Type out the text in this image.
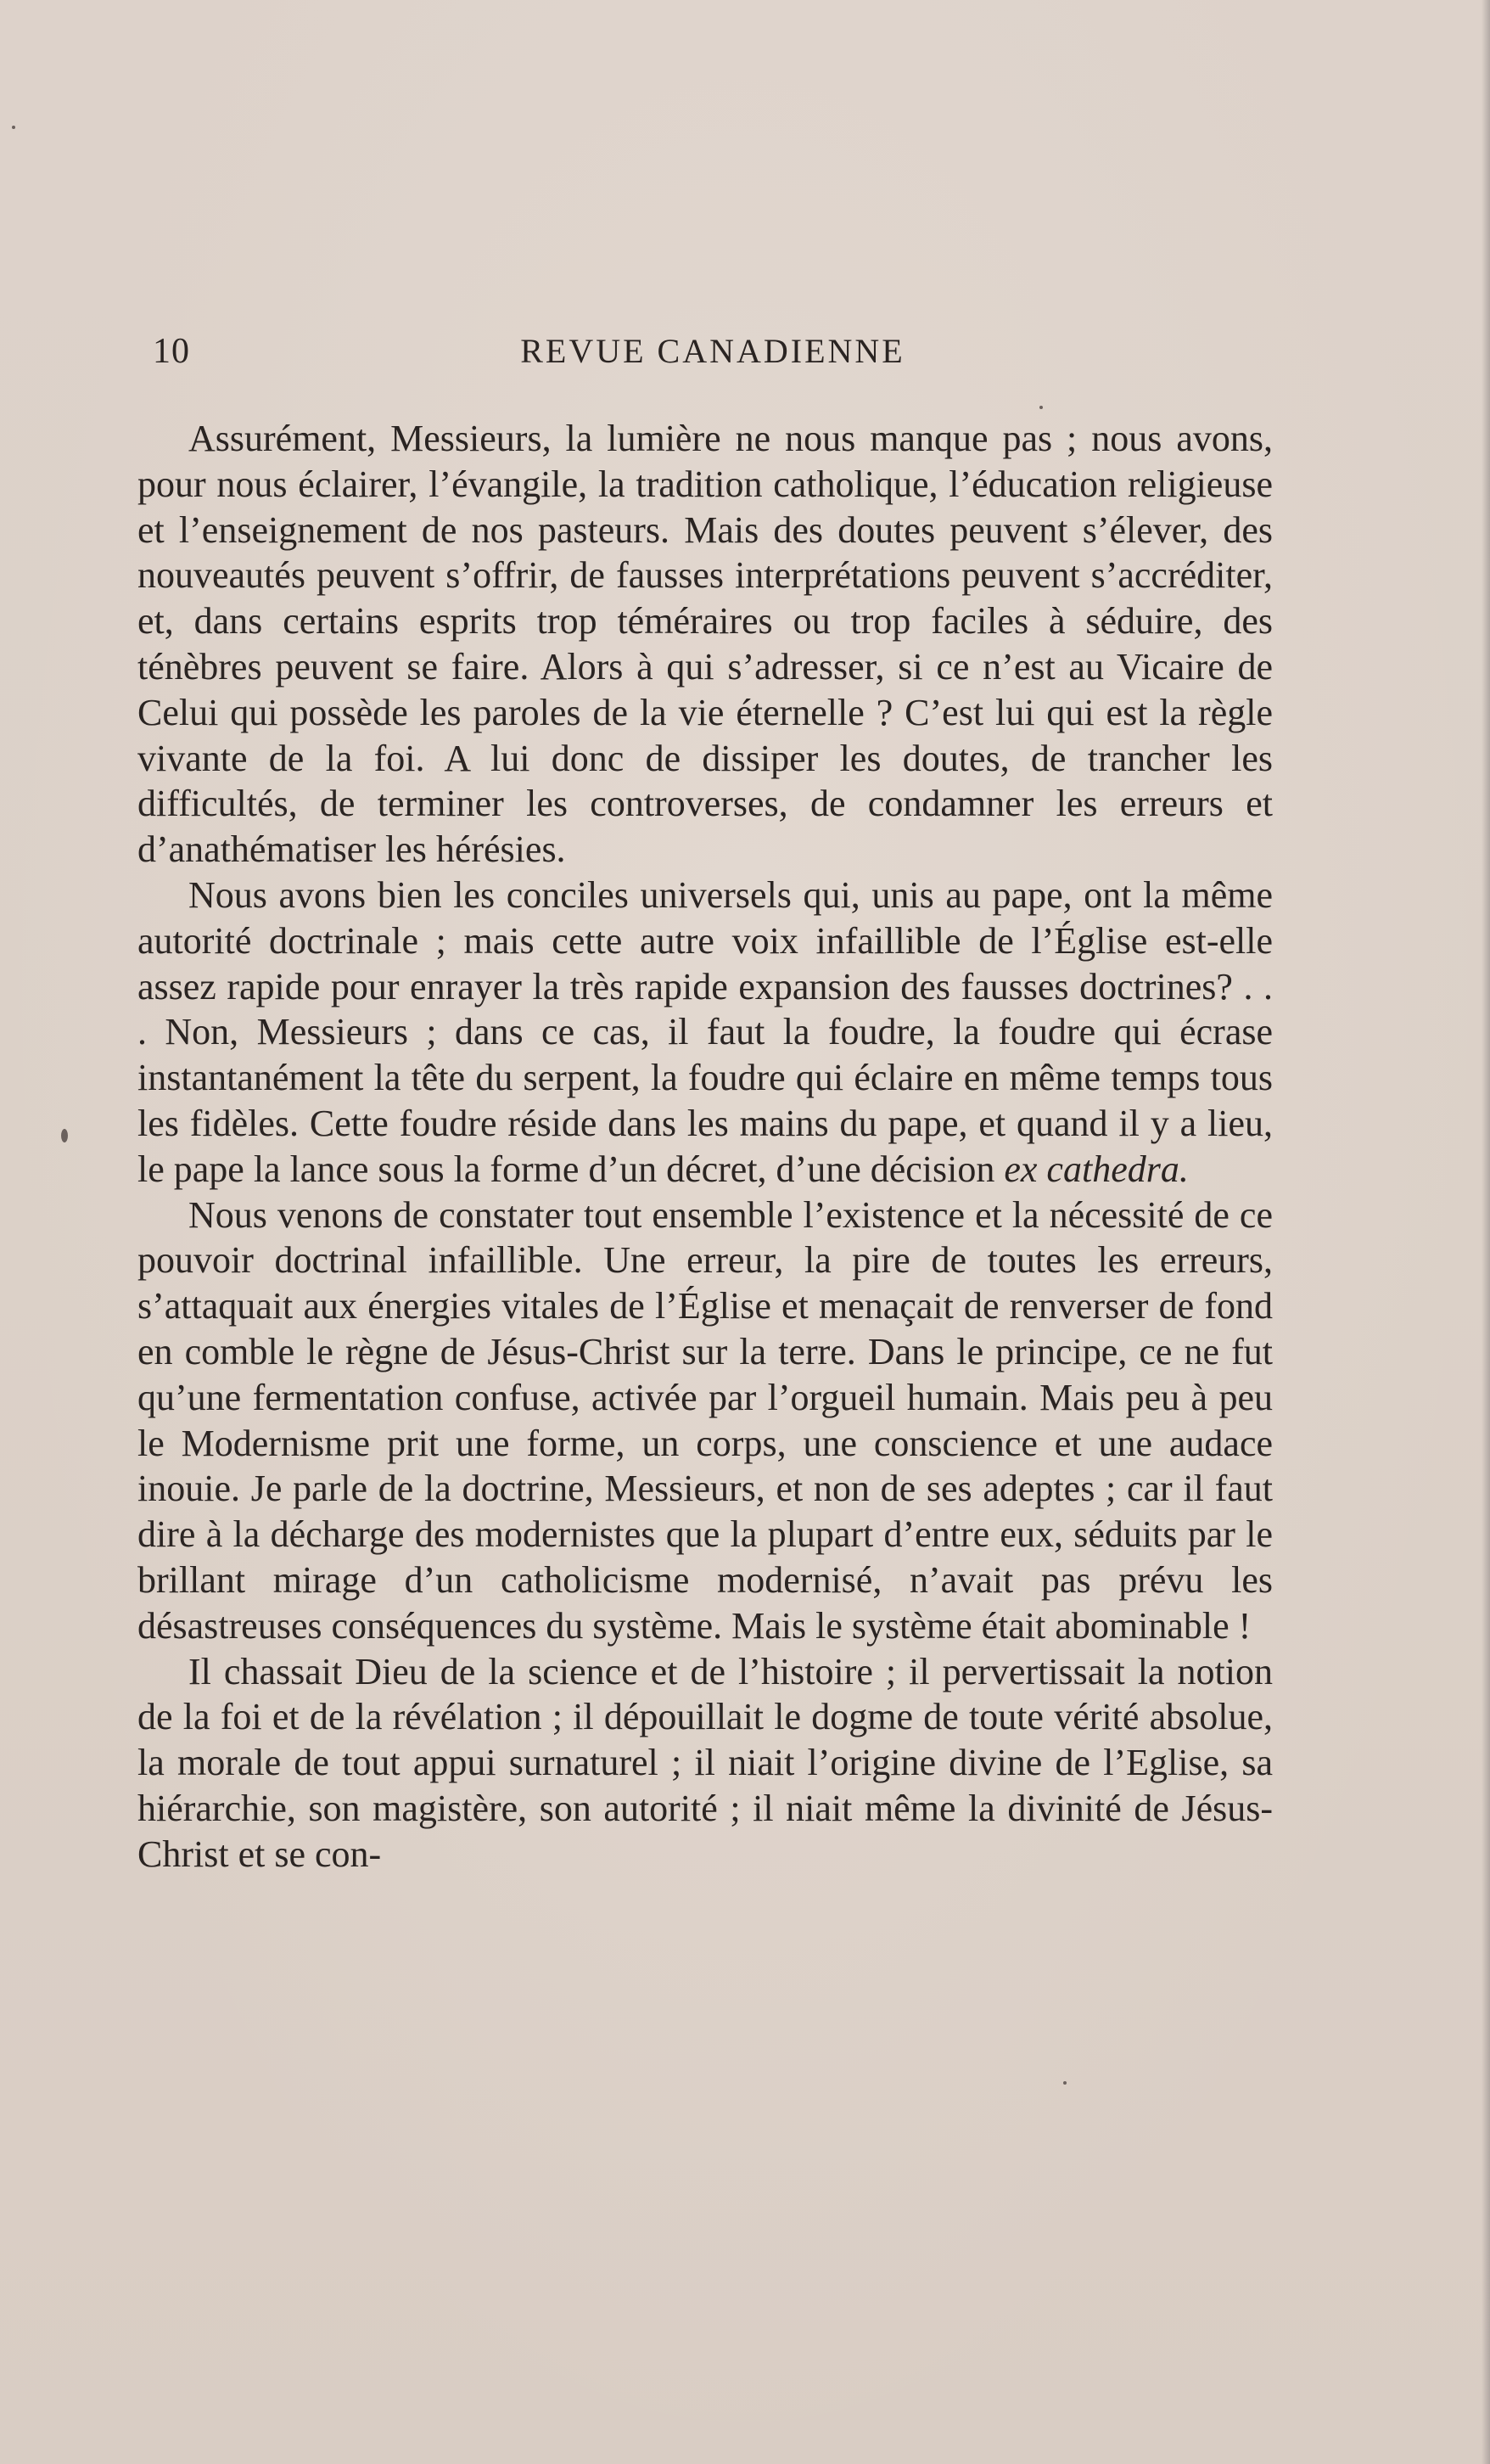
10	REVUE CANADIENNE

Assurément, Messieurs, la lumière ne nous manque pas ; nous avons, pour nous éclairer, l’évangile, la tradition catholique, l’éducation religieuse et l’enseignement de nos pasteurs. Mais des doutes peuvent s’élever, des nouveautés peuvent s’offrir, de fausses interprétations peuvent s’accréditer, et, dans certains esprits trop téméraires ou trop faciles à séduire, des ténèbres peuvent se faire. Alors à qui s’adresser, si ce n’est au Vicaire de Celui qui possède les paroles de la vie éternelle ? C’est lui qui est la règle vivante de la foi. A lui donc de dissiper les doutes, de trancher les difficultés, de terminer les controverses, de condamner les erreurs et d’anathématiser les hérésies.

Nous avons bien les conciles universels qui, unis au pape, ont la même autorité doctrinale ; mais cette autre voix infaillible de l’Église est-elle assez rapide pour enrayer la très rapide expansion des fausses doctrines? . . . Non, Messieurs ; dans ce cas, il faut la foudre, la foudre qui écrase instantanément la tête du serpent, la foudre qui éclaire en même temps tous les fidèles. Cette foudre réside dans les mains du pape, et quand il y a lieu, le pape la lance sous la forme d’un décret, d’une décision ex cathedra.

Nous venons de constater tout ensemble l’existence et la nécessité de ce pouvoir doctrinal infaillible. Une erreur, la pire de toutes les erreurs, s’attaquait aux énergies vitales de l’Église et menaçait de renverser de fond en comble le règne de Jésus-Christ sur la terre. Dans le principe, ce ne fut qu’une fermentation confuse, activée par l’orgueil humain. Mais peu à peu le Modernisme prit une forme, un corps, une conscience et une audace inouie. Je parle de la doctrine, Messieurs, et non de ses adeptes ; car il faut dire à la décharge des modernistes que la plupart d’entre eux, séduits par le brillant mirage d’un catholicisme modernisé, n’avait pas prévu les désastreuses conséquences du système. Mais le système était abominable !

Il chassait Dieu de la science et de l’histoire ; il pervertissait la notion de la foi et de la révélation ; il dépouillait le dogme de toute vérité absolue, la morale de tout appui surnaturel ; il niait l’origine divine de l’Eglise, sa hiérarchie, son magistère, son autorité ; il niait même la divinité de Jésus-Christ et se con-
